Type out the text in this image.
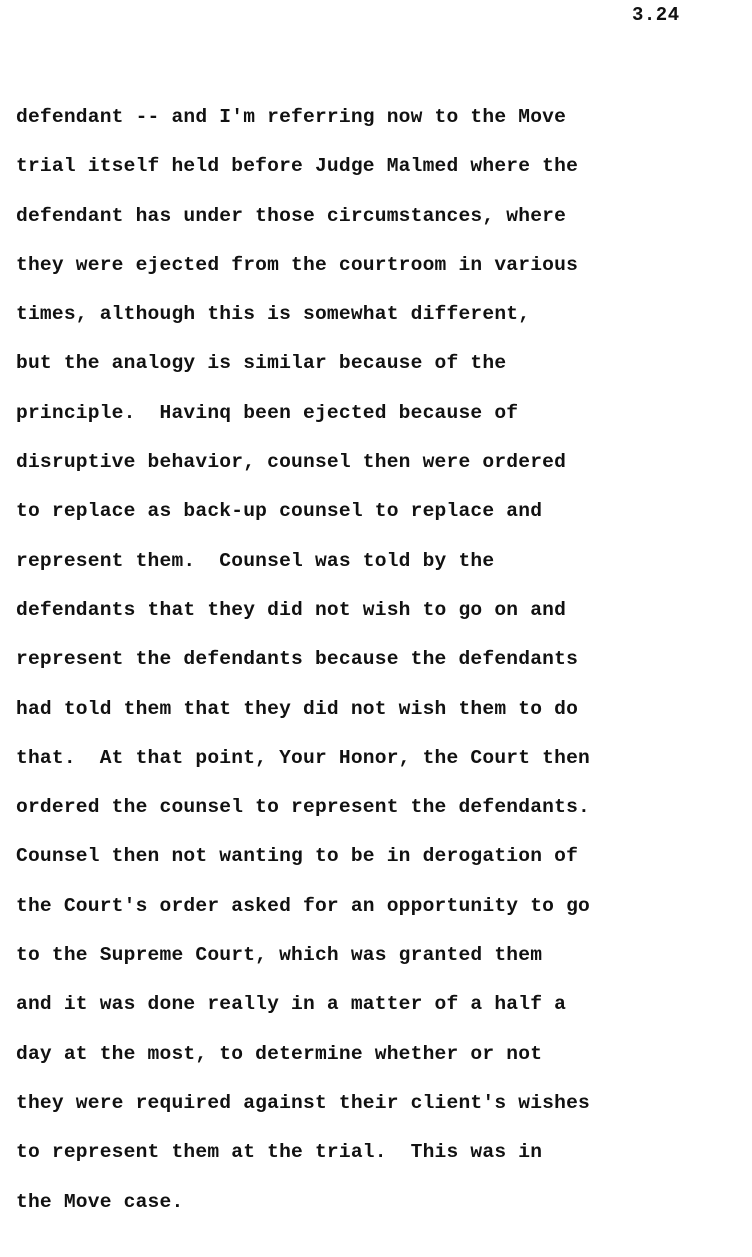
3.24
defendant -- and I'm referring now to the Move
trial itself held before Judge Malmed where the
defendant has under those circumstances, where
they were ejected from the courtroom in various
times, although this is somewhat different,
but the analogy is similar because of the
principle.  Havinq been ejected because of
disruptive behavior, counsel then were ordered
to replace as back-up counsel to replace and
represent them.  Counsel was told by the
defendants that they did not wish to go on and
represent the defendants because the defendants
had told them that they did not wish them to do
that.  At that point, Your Honor, the Court then
ordered the counsel to represent the defendants.
Counsel then not wanting to be in derogation of
the Court's order asked for an opportunity to go
to the Supreme Court, which was granted them
and it was done really in a matter of a half a
day at the most, to determine whether or not
they were required against their client's wishes
to represent them at the trial.  This was in
the Move case.
